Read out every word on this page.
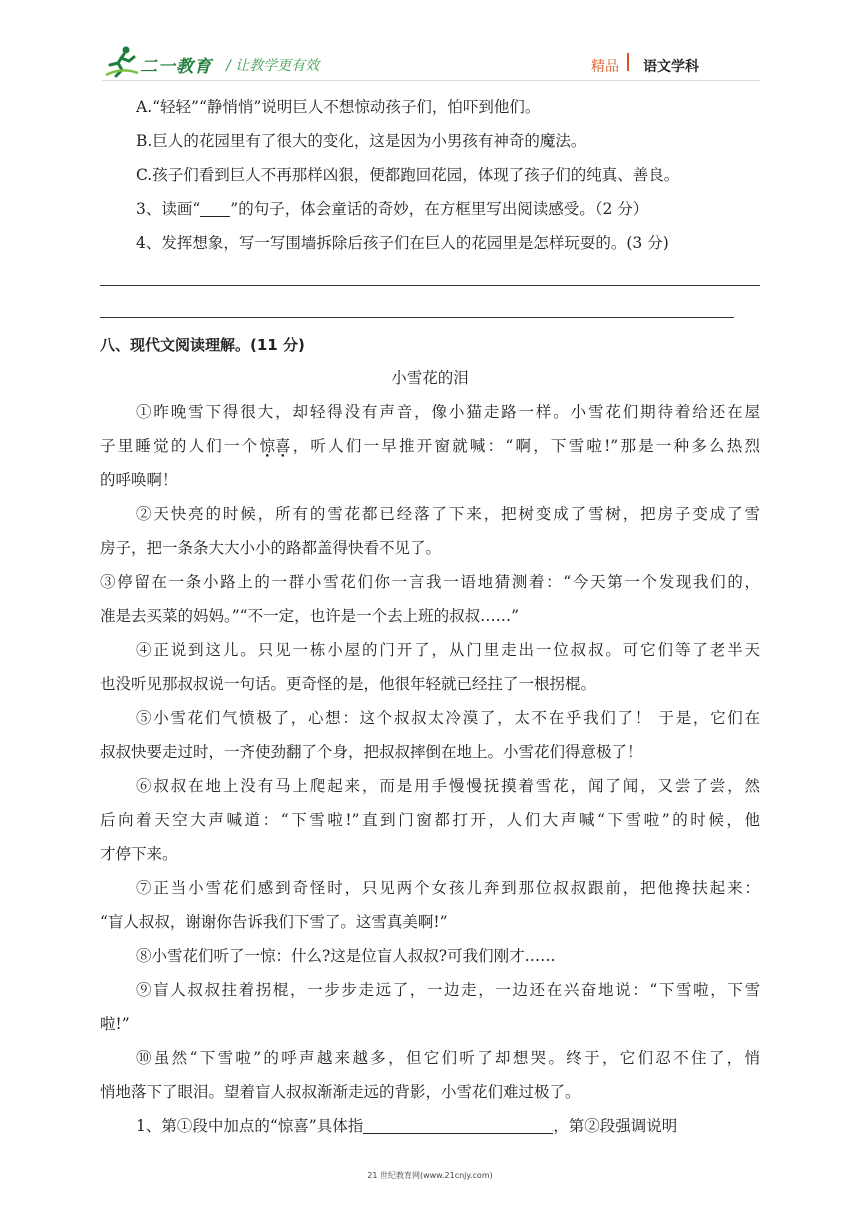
二一教育 / 让教学更有效	精品 语文学科
A.“轻轻”“静悄悄”说明巨人不想惊动孩子们，怕吓到他们。
B.巨人的花园里有了很大的变化，这是因为小男孩有神奇的魔法。
C.孩子们看到巨人不再那样凶狠，便都跑回花园，体现了孩子们的纯真、善良。
3、读画“ ”的句子，体会童话的奇妙，在方框里写出阅读感受。（2 分）
4、发挥想象，写一写围墙拆除后孩子们在巨人的花园里是怎样玩耍的。(3 分)
八、现代文阅读理解。(11 分)
小雪花的泪
①昨晚雪下得很大，却轻得没有声音，像小猫走路一样。小雪花们期待着给还在屋
子里睡觉的人们一个惊喜，听人们一早推开窗就喊：“啊，下雪啦!”那是一种多么热烈
的呼唤啊！
②天快亮的时候，所有的雪花都已经落了下来，把树变成了雪树，把房子变成了雪
房子，把一条条大大小小的路都盖得快看不见了。
③停留在一条小路上的一群小雪花们你一言我一语地猜测着：“今天第一个发现我们的，
准是去买菜的妈妈。”“不一定，也许是一个去上班的叔叔……”
④正说到这儿。只见一栋小屋的门开了，从门里走出一位叔叔。可它们等了老半天
也没听见那叔叔说一句话。更奇怪的是，他很年轻就已经拄了一根拐棍。
⑤小雪花们气愤极了，心想：这个叔叔太冷漠了，太不在乎我们了！ 于是，它们在
叔叔快要走过时，一齐使劲翻了个身，把叔叔摔倒在地上。小雪花们得意极了！
⑥叔叔在地上没有马上爬起来，而是用手慢慢抚摸着雪花，闻了闻，又尝了尝，然
后向着天空大声喊道：“下雪啦!”直到门窗都打开，人们大声喊“下雪啦”的时候，他
才停下来。
⑦正当小雪花们感到奇怪时，只见两个女孩儿奔到那位叔叔跟前，把他搀扶起来：
“盲人叔叔，谢谢你告诉我们下雪了。这雪真美啊!”
⑧小雪花们听了一惊：什么?这是位盲人叔叔?可我们刚才……
⑨盲人叔叔拄着拐棍，一步步走远了，一边走，一边还在兴奋地说：“下雪啦，下雪
啦!”
⑩虽然“下雪啦”的呼声越来越多，但它们听了却想哭。终于，它们忍不住了，悄
悄地落下了眼泪。望着盲人叔叔渐渐走远的背影，小雪花们难过极了。
1、第①段中加点的“惊喜”具体指	，第②段强调说明
21 世纪教育网(www.21cnjy.com)
